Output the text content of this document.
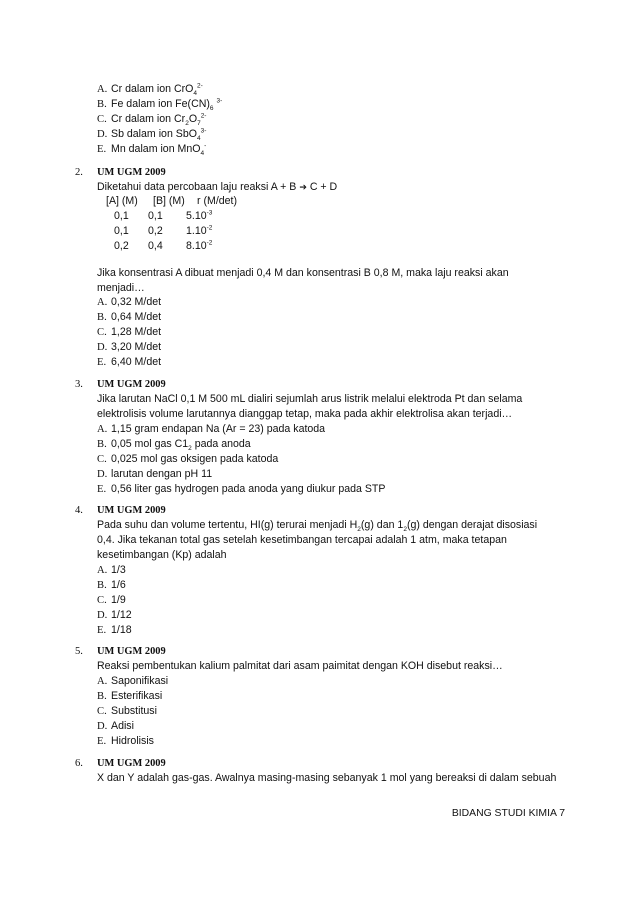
A. Cr dalam ion CrO$_4^{2-}$
B. Fe dalam ion $Fe(CN)_6$ $^{3-}$
C. Cr dalam ion $Cr_2O_7^{2-}$
D. Sb dalam ion SbO$_4^{3-}$
E. Mn dalam ion MnO$_4$-
2. UM UGM 2009
Diketahui data percobaan laju reaksi A + B ➔ C + D
[A] (M) [B] (M) r (M/det)
0,1 0,1 $5.10^{-3}$
0,1 0,2 $1.10^{-2}$
0,2 0,4 $8.10^{-2}$
Jika konsentrasi A dibuat menjadi 0,4 M dan konsentrasi B 0,8 M, maka laju reaksi akan
menjadi…
A. 0,32 M/det
B. 0,64 M/det
C. 1,28 M/det
D. 3,20 M/det
E. 6,40 M/det
3. UM UGM 2009
Jika larutan NaCl 0,1 M 500 mL dialiri sejumlah arus listrik melalui elektroda Pt dan selama
elektrolisis volume larutannya dianggap tetap, maka pada akhir elektrolisa akan terjadi…
A. 1,15 gram endapan Na (Ar = 23) pada katoda
B. 0,05 mol gas $C1_2$ pada anoda
C. 0,025 mol gas oksigen pada katoda
D. larutan dengan pH 11
E. 0,56 liter gas hydrogen pada anoda yang diukur pada STP
4. UM UGM 2009
Pada suhu dan volume tertentu, HI(g) terurai menjadi $H_2(g)$ dan $1_2(g)$ dengan derajat disosiasi
0,4. Jika tekanan total gas setelah kesetimbangan tercapai adalah 1 atm, maka tetapan
kesetimbangan (Kp) adalah
A. 1/3
B. 1/6
C. 1/9
D. 1/12
E. 1/18
5. UM UGM 2009
Reaksi pembentukan kalium palmitat dari asam paimitat dengan KOH disebut reaksi…
A. Saponifikasi
B. Esterifikasi
C. Substitusi
D. Adisi
E. Hidrolisis
6. UM UGM 2009
X dan Y adalah gas-gas. Awalnya masing-masing sebanyak 1 mol yang bereaksi di dalam sebuah
BIDANG STUDI KIMIA 7
